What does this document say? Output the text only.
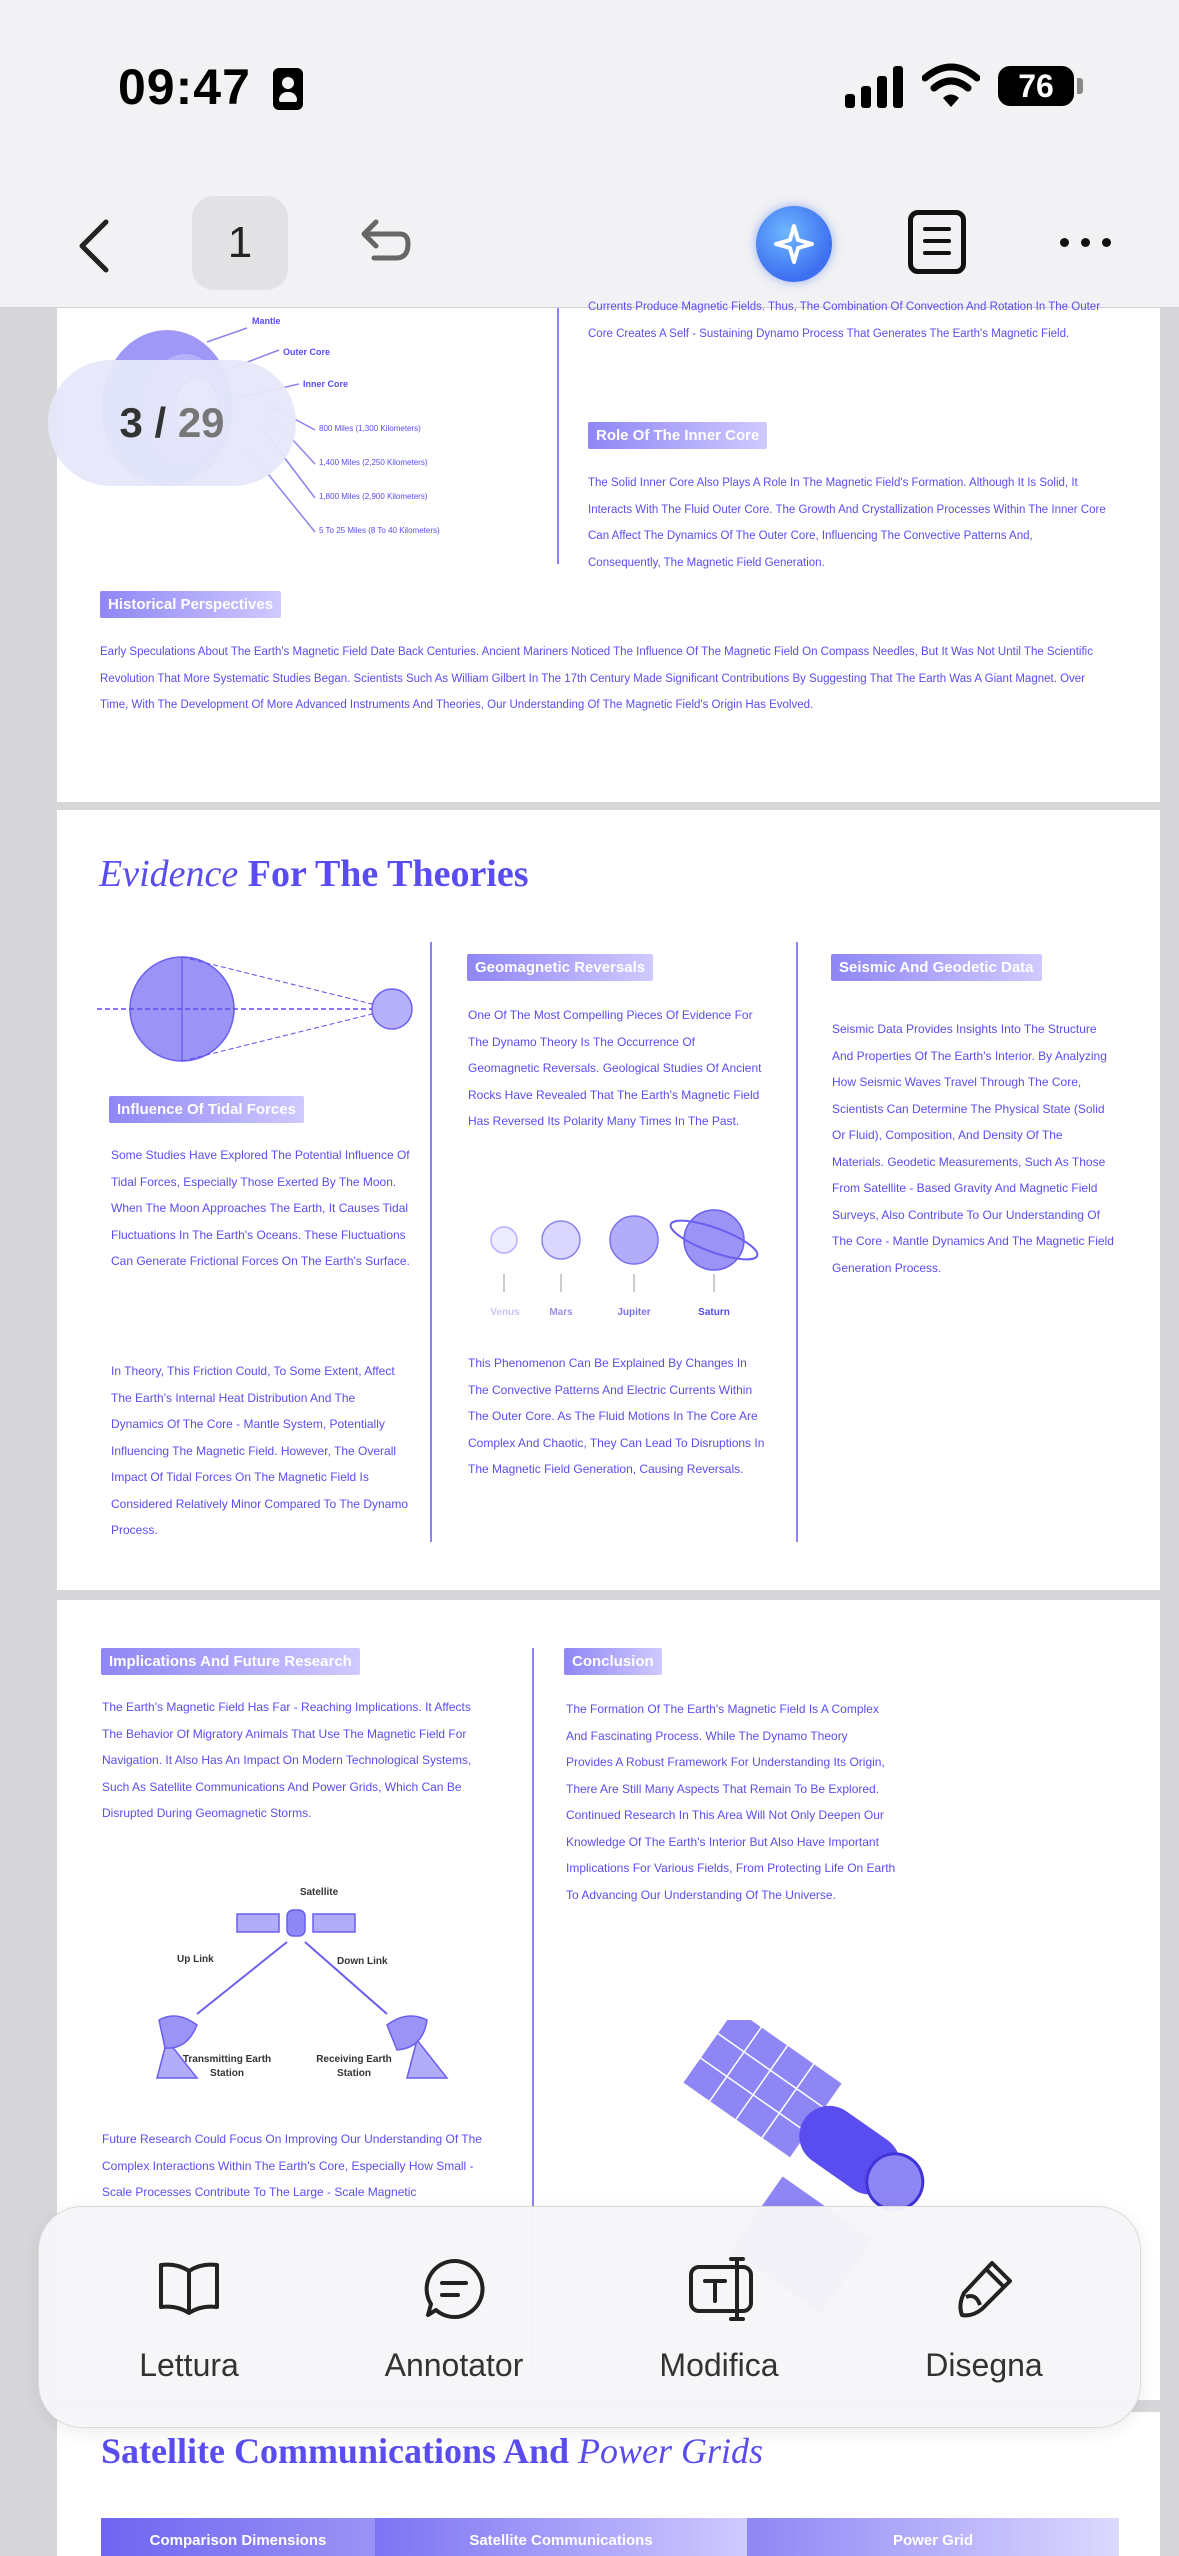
09:47	76
1
Mantle
Outer Core
Inner Core
800 Miles (1,300 Kilometers)
1,400 Miles (2,250 Kilometers)
1,800 Miles (2,900 Kilometers)
5 To 25 Miles (8 To 40 Kilometers)
Currents Produce Magnetic Fields. Thus, The Combination Of Convection And Rotation In The Outer Core Creates A Self - Sustaining Dynamo Process That Generates The Earth's Magnetic Field.
Role Of The Inner Core
The Solid Inner Core Also Plays A Role In The Magnetic Field's Formation. Although It Is Solid, It Interacts With The Fluid Outer Core. The Growth And Crystallization Processes Within The Inner Core Can Affect The Dynamics Of The Outer Core, Influencing The Convective Patterns And, Consequently, The Magnetic Field Generation.
Historical Perspectives
Early Speculations About The Earth's Magnetic Field Date Back Centuries. Ancient Mariners Noticed The Influence Of The Magnetic Field On Compass Needles, But It Was Not Until The Scientific Revolution That More Systematic Studies Began. Scientists Such As William Gilbert In The 17th Century Made Significant Contributions By Suggesting That The Earth Was A Giant Magnet. Over Time, With The Development Of More Advanced Instruments And Theories, Our Understanding Of The Magnetic Field's Origin Has Evolved.
3 / 29
Evidence For The Theories
Influence Of Tidal Forces
Some Studies Have Explored The Potential Influence Of Tidal Forces, Especially Those Exerted By The Moon. When The Moon Approaches The Earth, It Causes Tidal Fluctuations In The Earth's Oceans. These Fluctuations Can Generate Frictional Forces On The Earth's Surface.
In Theory, This Friction Could, To Some Extent, Affect The Earth's Internal Heat Distribution And The Dynamics Of The Core - Mantle System, Potentially Influencing The Magnetic Field. However, The Overall Impact Of Tidal Forces On The Magnetic Field Is Considered Relatively Minor Compared To The Dynamo Process.
Geomagnetic Reversals
One Of The Most Compelling Pieces Of Evidence For The Dynamo Theory Is The Occurrence Of Geomagnetic Reversals. Geological Studies Of Ancient Rocks Have Revealed That The Earth's Magnetic Field Has Reversed Its Polarity Many Times In The Past.
Venus	Mars	Jupiter	Saturn
This Phenomenon Can Be Explained By Changes In The Convective Patterns And Electric Currents Within The Outer Core. As The Fluid Motions In The Core Are Complex And Chaotic, They Can Lead To Disruptions In The Magnetic Field Generation, Causing Reversals.
Seismic And Geodetic Data
Seismic Data Provides Insights Into The Structure And Properties Of The Earth's Interior. By Analyzing How Seismic Waves Travel Through The Core, Scientists Can Determine The Physical State (Solid Or Fluid), Composition, And Density Of The Materials. Geodetic Measurements, Such As Those From Satellite - Based Gravity And Magnetic Field Surveys, Also Contribute To Our Understanding Of The Core - Mantle Dynamics And The Magnetic Field Generation Process.
Implications And Future Research
The Earth's Magnetic Field Has Far - Reaching Implications. It Affects The Behavior Of Migratory Animals That Use The Magnetic Field For Navigation. It Also Has An Impact On Modern Technological Systems, Such As Satellite Communications And Power Grids, Which Can Be Disrupted During Geomagnetic Storms.
Satellite
Up Link	Down Link
Transmitting Earth Station
Receiving Earth Station
Future Research Could Focus On Improving Our Understanding Of The Complex Interactions Within The Earth's Core, Especially How Small - Scale Processes Contribute To The Large - Scale Magnetic
Conclusion
The Formation Of The Earth's Magnetic Field Is A Complex And Fascinating Process. While The Dynamo Theory Provides A Robust Framework For Understanding Its Origin, There Are Still Many Aspects That Remain To Be Explored. Continued Research In This Area Will Not Only Deepen Our Knowledge Of The Earth's Interior But Also Have Important Implications For Various Fields, From Protecting Life On Earth To Advancing Our Understanding Of The Universe.
Satellite Communications And Power Grids
Comparison Dimensions	Satellite Communications	Power Grid
Lettura	Annotator	Modifica	Disegna
